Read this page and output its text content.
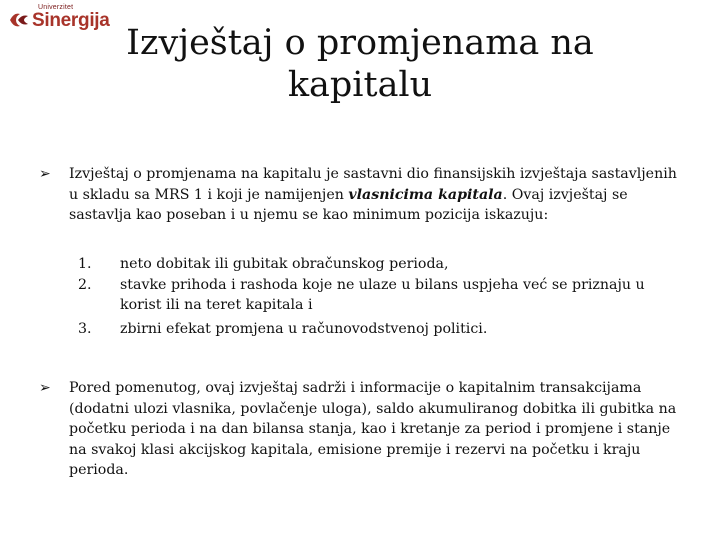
Univerzitet
Sinergija
Izvještaj o promjenama na kapitalu
➢ Izvještaj o promjenama na kapitalu je sastavni dio finansijskih izvještaja sastavljenih u skladu sa MRS 1 i koji je namijenjen vlasnicima kapitala. Ovaj izvještaj se sastavlja kao poseban i u njemu se kao minimum pozicija iskazuju:
1. neto dobitak ili gubitak obračunskog perioda,
2. stavke prihoda i rashoda koje ne ulaze u bilans uspjeha već se priznaju u korist ili na teret kapitala i
3. zbirni efekat promjena u računovodstvenoj politici.
➢ Pored pomenutog, ovaj izvještaj sadrži i informacije o kapitalnim transakcijama (dodatni ulozi vlasnika, povlačenje uloga), saldo akumuliranog dobitka ili gubitka na početku perioda i na dan bilansa stanja, kao i kretanje za period i promjene i stanje na svakoj klasi akcijskog kapitala, emisione premije i rezervi na početku i kraju perioda.
